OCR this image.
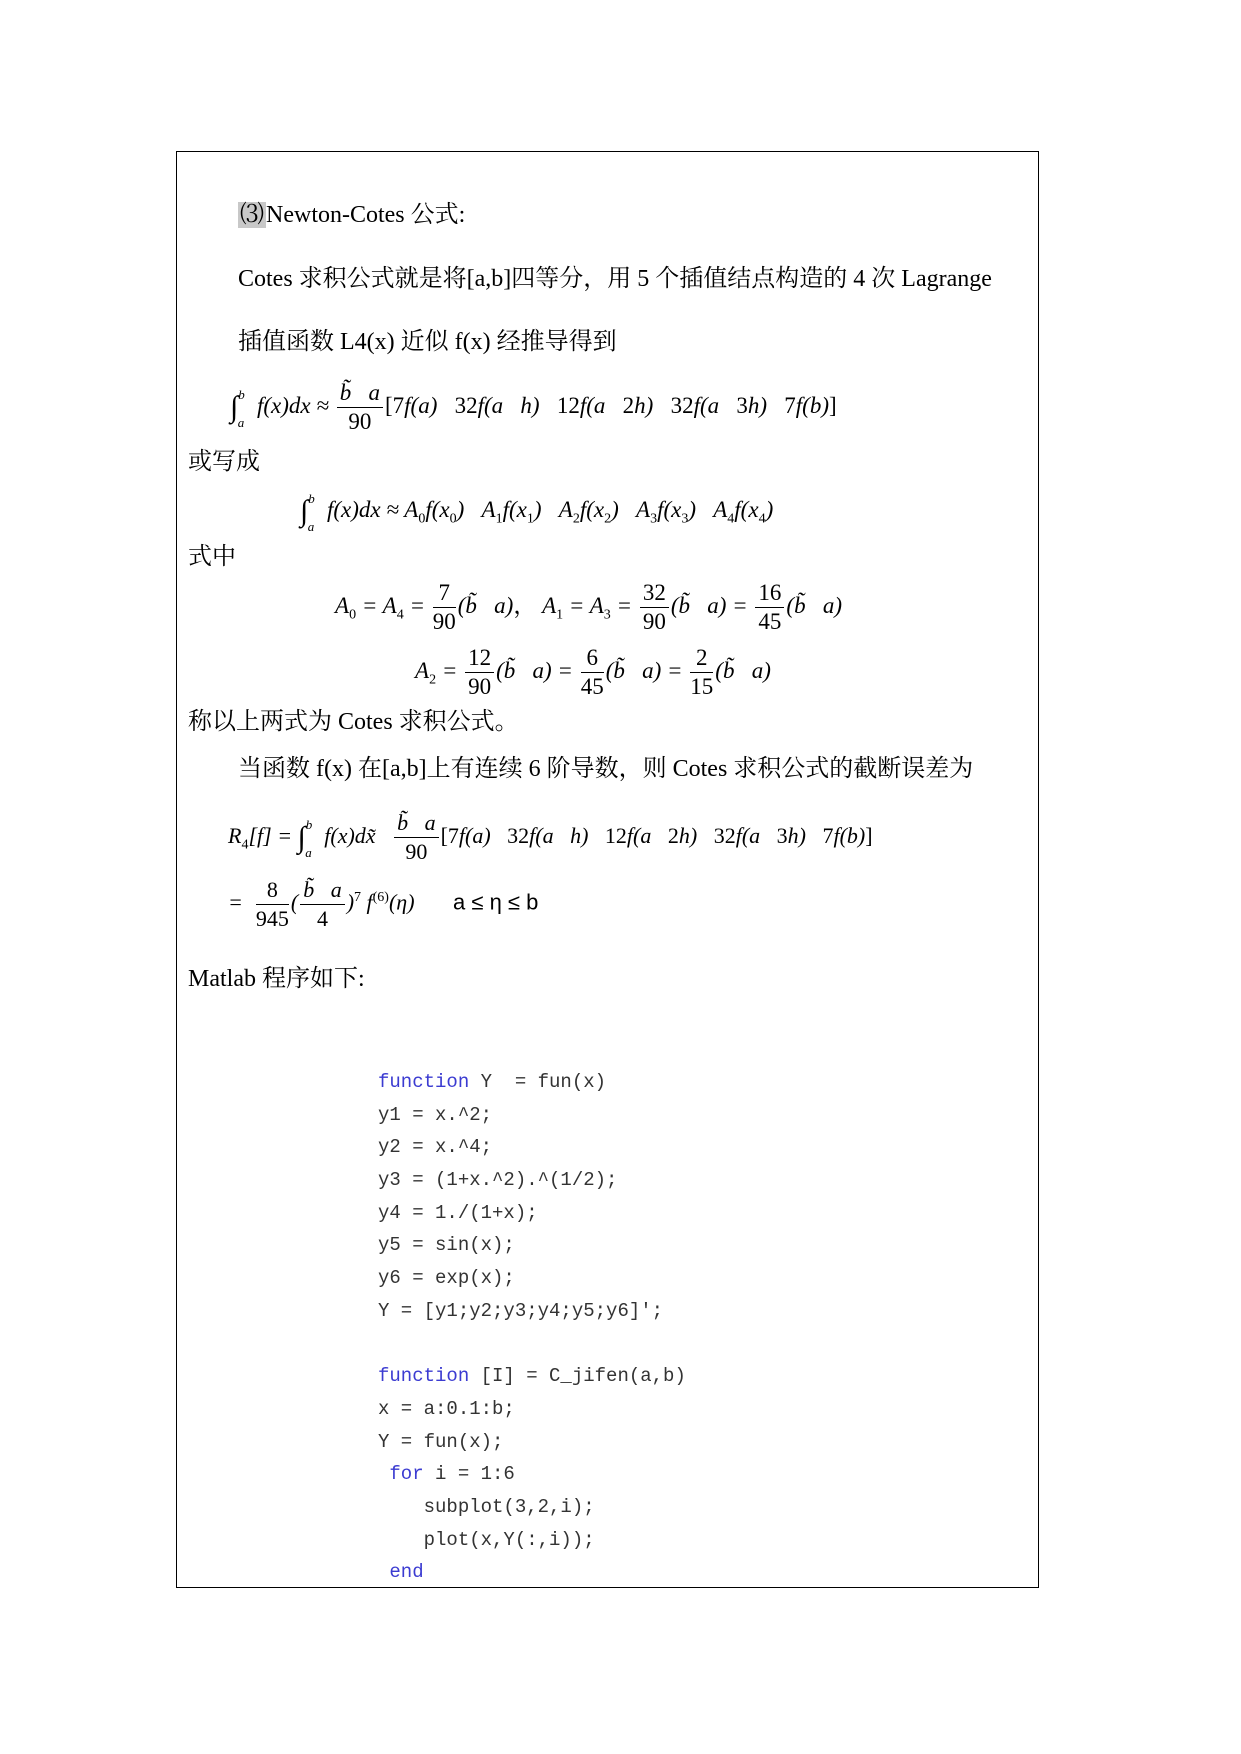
⑶Newton-Cotes 公式:
Cotes 求积公式就是将[a,b]四等分，用 5 个插值结点构造的 4 次 Lagrange
插值函数 L4(x) 近似 f(x) 经推导得到
∫$^b_a$ $f(x)dx \approx \frac{b̃ a}{90} [7f(a)$   32f(a   h)   12f(a   2h)   32f(a   3h)   7f(b)]
或写成
∫$^b_a$ $f(x)dx \approx A_0f(x_0)$   $A_1f(x_1)$   $A_2f(x_2)$   $A_3f(x_3)$   $A_4f(x_4)$
式中
$A_0 = A_4 = \frac{7}{90}$ (b̃   a)， $A_1 = A_3 = \frac{32}{90}$ (b̃   $a) = \frac{16}{45}$ (b̃   a)
$A_2 = \frac{12}{90}$ (b̃   $a) = \frac{6}{45}$ (b̃   $a) = \frac{2}{15}$ (b̃   a)
称以上两式为 Cotes 求积公式。
当函数 f(x) 在[a,b]上有连续 6 阶导数，则 Cotes 求积公式的截断误差为
$R_4[f] = \int^b_a$ f(x)dx̃ $\frac{b̃ a}{90} [7f(a)$   32f(a   h)   12f(a   2h)   32f(a   3h)   7f(b)]
= $\frac{8}{945}$ ( $\frac{b̃ a}{4} )^7$ $f^{(6)}(\eta)$       a ≤ η ≤ b
Matlab 程序如下:
function Y  = fun(x)
y1 = x.^2;
y2 = x.^4;
y3 = (1+x.^2).^(1/2);
y4 = 1./(1+x);
y5 = sin(x);
y6 = exp(x);
Y = [y1;y2;y3;y4;y5;y6]';
function [I] = C_jifen(a,b)
x = a:0.1:b;
Y = fun(x);
for i = 1:6
subplot(3,2,i);
plot(x,Y(:,i));
end
